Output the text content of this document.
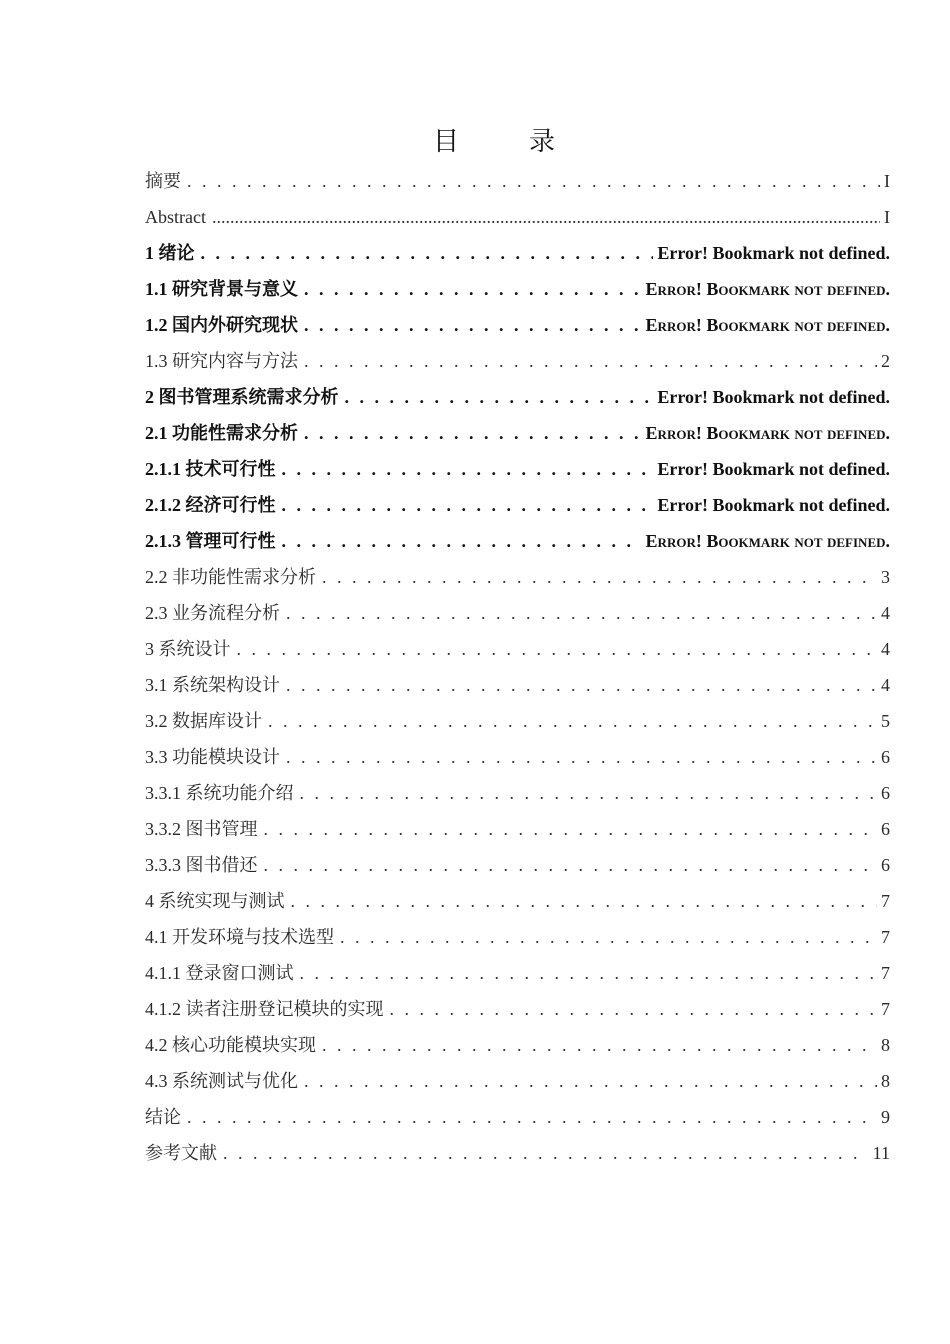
目　录
摘要 . . .	I
Abstract .....	I
1 绪论 . . .	Error! Bookmark not defined.
1.1 研究背景与意义 . . .	Error! Bookmark not defined.
1.2 国内外研究现状 . . .	Error! Bookmark not defined.
1.3 研究内容与方法 . . .	2
2 图书管理系统需求分析 . . .	Error! Bookmark not defined.
2.1 功能性需求分析 . . .	Error! Bookmark not defined.
2.1.1 技术可行性 . . .	Error! Bookmark not defined.
2.1.2 经济可行性 . . .	Error! Bookmark not defined.
2.1.3 管理可行性 . . .	Error! Bookmark not defined.
2.2 非功能性需求分析 . . .	3
2.3 业务流程分析 . . .	4
3 系统设计 . . .	4
3.1 系统架构设计 . . .	4
3.2 数据库设计 . . .	5
3.3 功能模块设计 . . .	6
3.3.1 系统功能介绍 . . .	6
3.3.2 图书管理 . . .	6
3.3.3 图书借还 . . .	6
4 系统实现与测试 . . .	7
4.1 开发环境与技术选型 . . .	7
4.1.1 登录窗口测试 . . .	7
4.1.2 读者注册登记模块的实现 . . .	7
4.2 核心功能模块实现 . . .	8
4.3 系统测试与优化 . . .	8
结论 . . .	9
参考文献 . . .	11
